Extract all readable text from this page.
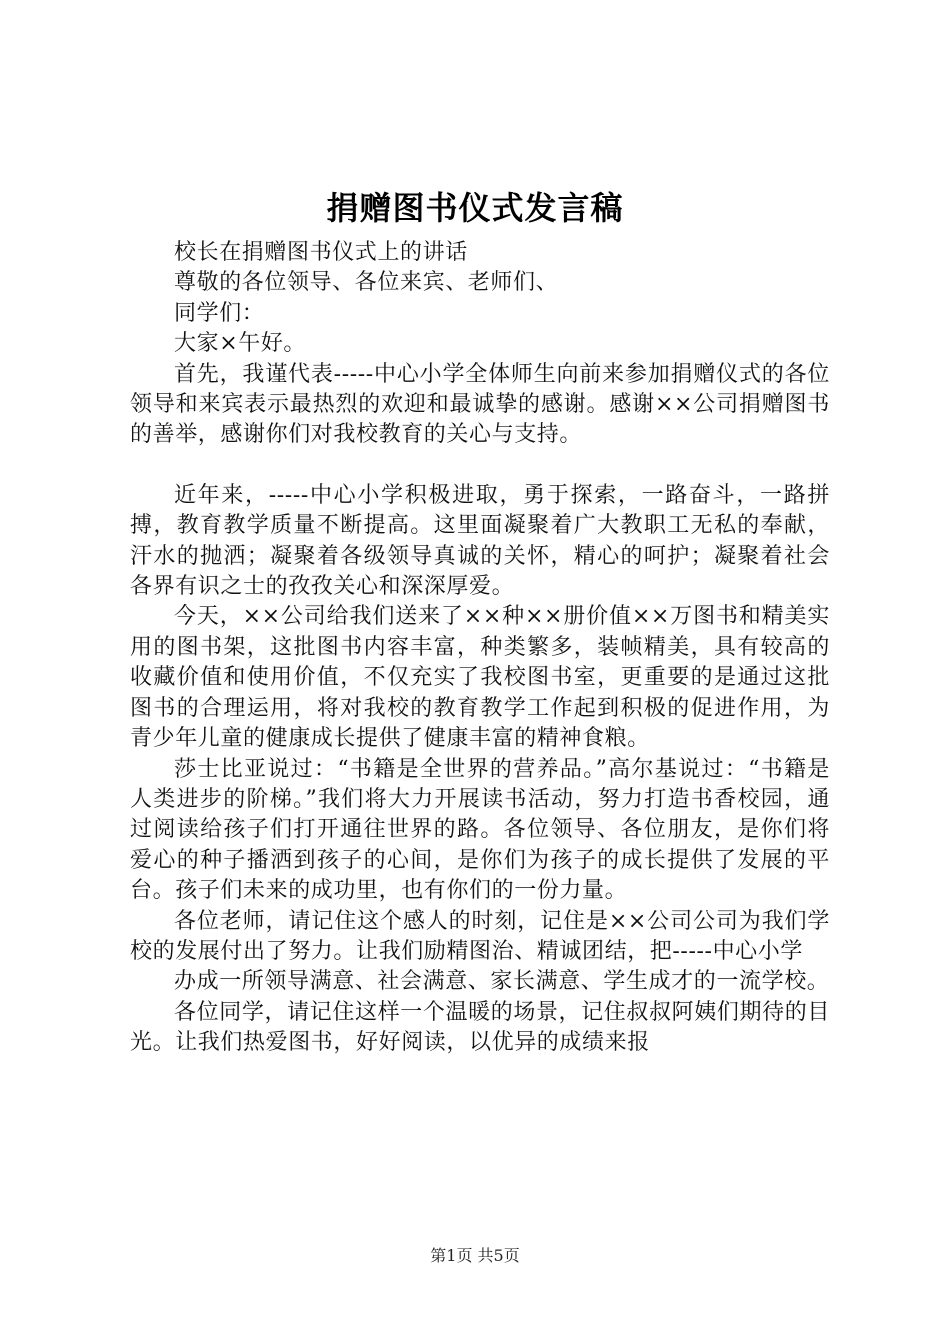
捐赠图书仪式发言稿

校长在捐赠图书仪式上的讲话

尊敬的各位领导、各位来宾、老师们、

同学们：

大家×午好。

首先，我谨代表-----中心小学全体师生向前来参加捐赠仪式的各位领导和来宾表示最热烈的欢迎和最诚挚的感谢。感谢××公司捐赠图书的善举，感谢你们对我校教育的关心与支持。

近年来，-----中心小学积极进取，勇于探索，一路奋斗，一路拼搏，教育教学质量不断提高。这里面凝聚着广大教职工无私的奉献，汗水的抛洒；凝聚着各级领导真诚的关怀，精心的呵护；凝聚着社会各界有识之士的孜孜关心和深深厚爱。

今天，××公司给我们送来了××种××册价值××万图书和精美实用的图书架，这批图书内容丰富，种类繁多，装帧精美，具有较高的收藏价值和使用价值，不仅充实了我校图书室，更重要的是通过这批图书的合理运用，将对我校的教育教学工作起到积极的促进作用，为青少年儿童的健康成长提供了健康丰富的精神食粮。

莎士比亚说过：“书籍是全世界的营养品。”高尔基说过：“书籍是人类进步的阶梯。”我们将大力开展读书活动，努力打造书香校园，通过阅读给孩子们打开通往世界的路。各位领导、各位朋友，是你们将爱心的种子播洒到孩子的心间，是你们为孩子的成长提供了发展的平台。孩子们未来的成功里，也有你们的一份力量。

各位老师，请记住这个感人的时刻，记住是××公司公司为我们学校的发展付出了努力。让我们励精图治、精诚团结，把-----中心小学

办成一所领导满意、社会满意、家长满意、学生成才的一流学校。

各位同学，请记住这样一个温暖的场景，记住叔叔阿姨们期待的目光。让我们热爱图书，好好阅读，以优异的成绩来报

第1页 共5页
